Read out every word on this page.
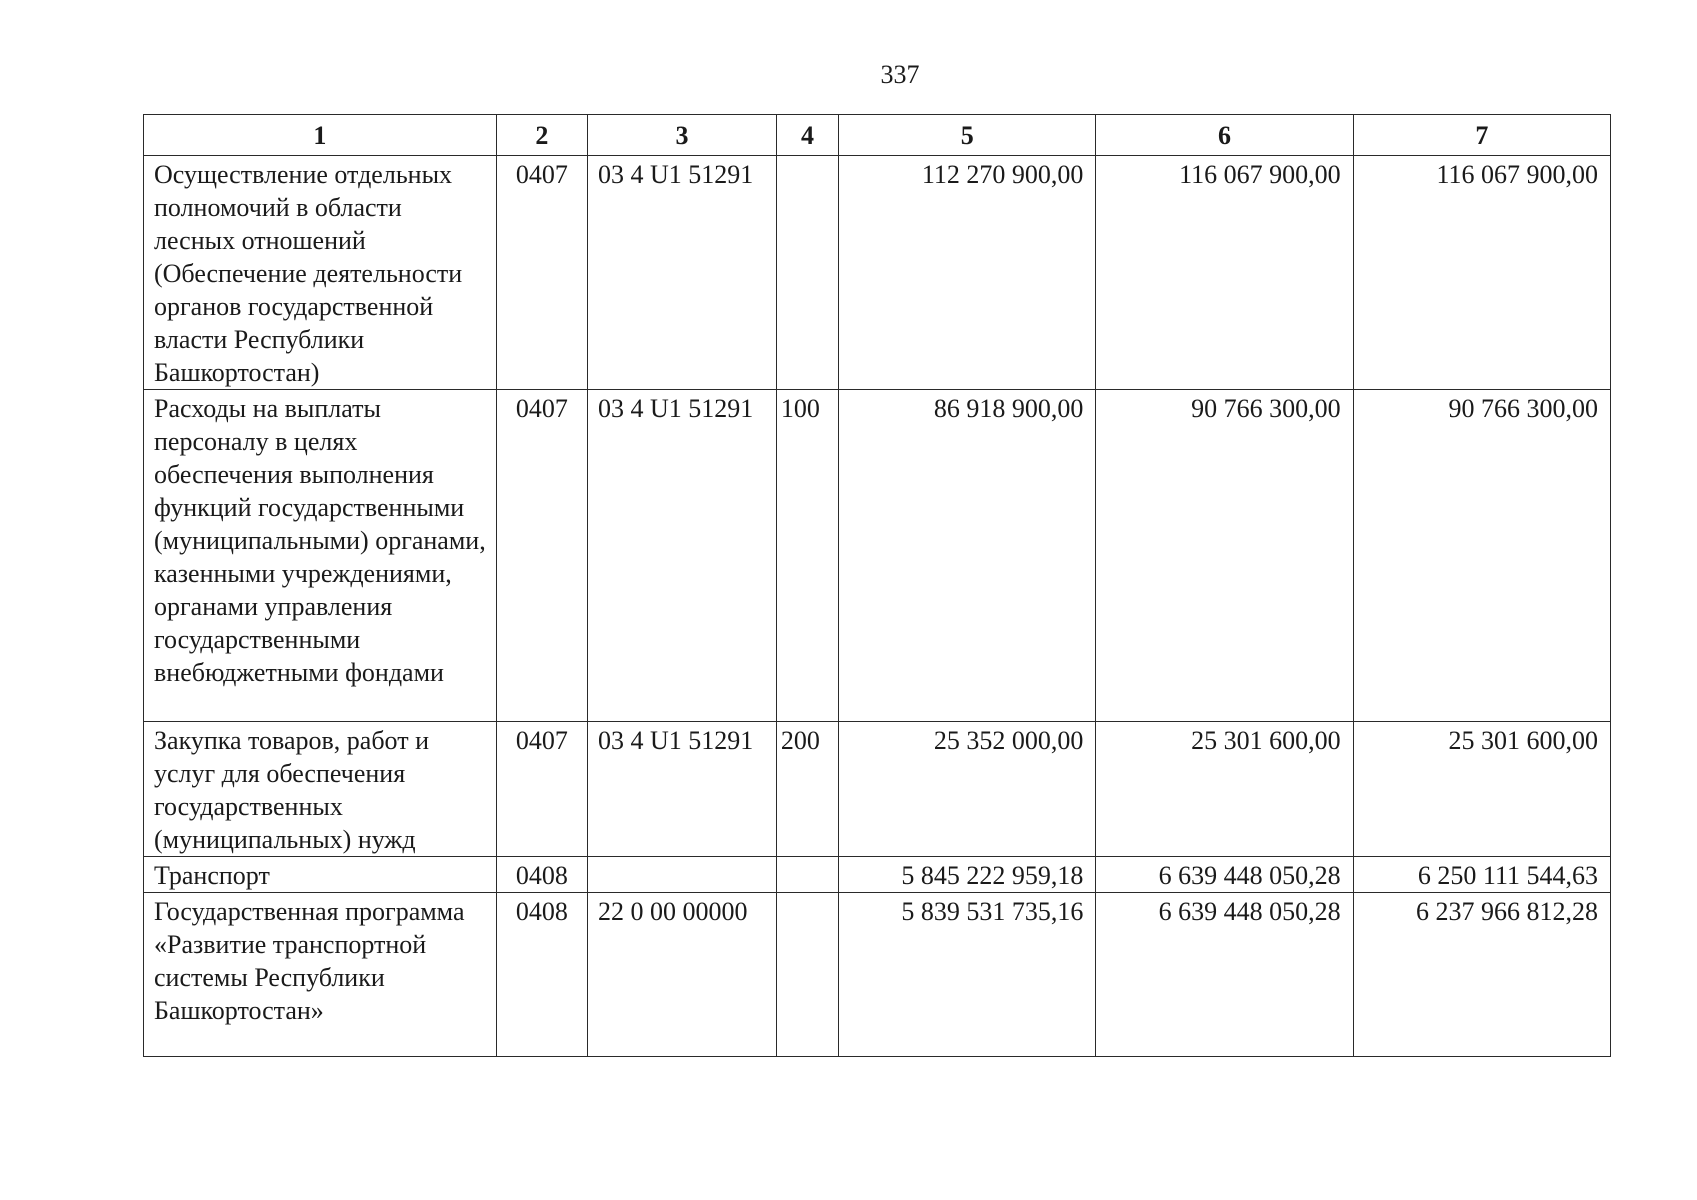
337
1	2	3	4	5	6	7
Осуществление отдельных полномочий в области лесных отношений (Обеспечение деятельности органов государственной власти Республики Башкортостан)	0407	03 4 U1 51291		112 270 900,00	116 067 900,00	116 067 900,00
Расходы на выплаты персоналу в целях обеспечения выполнения функций государственными (муниципальными) органами, казенными учреждениями, органами управления государственными внебюджетными фондами	0407	03 4 U1 51291	100	86 918 900,00	90 766 300,00	90 766 300,00
Закупка товаров, работ и услуг для обеспечения государственных (муниципальных) нужд	0407	03 4 U1 51291	200	25 352 000,00	25 301 600,00	25 301 600,00
Транспорт	0408			5 845 222 959,18	6 639 448 050,28	6 250 111 544,63
Государственная программа «Развитие транспортной системы Республики Башкортостан»	0408	22 0 00 00000		5 839 531 735,16	6 639 448 050,28	6 237 966 812,28
